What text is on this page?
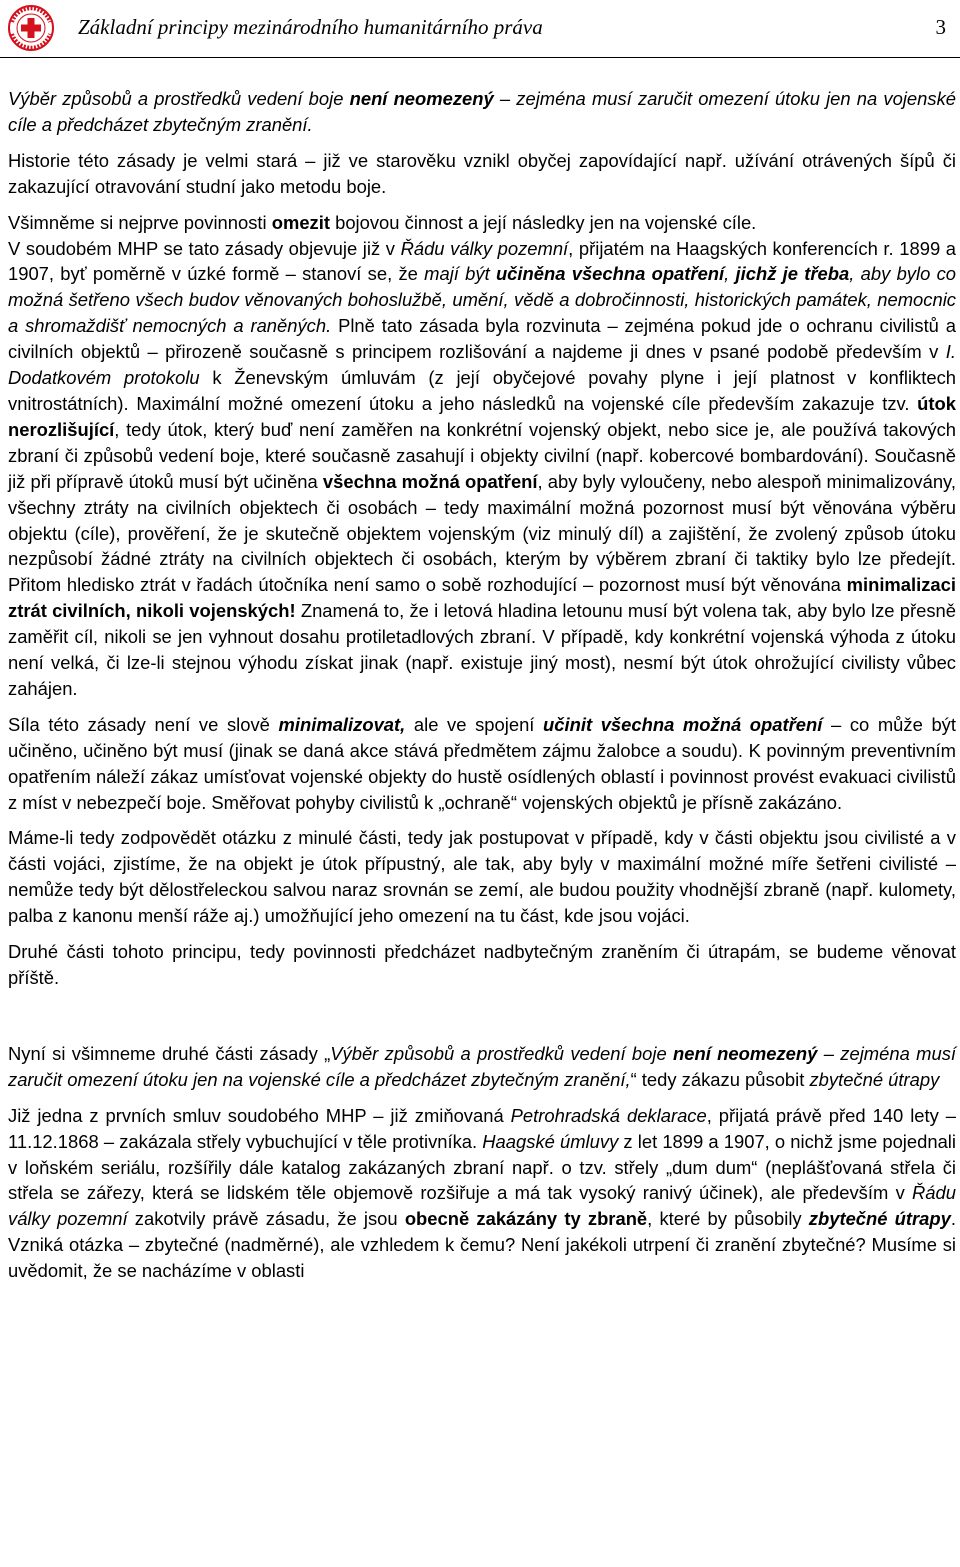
Základní principy mezinárodního humanitárního práva	3

Výběr způsobů a prostředků vedení boje není neomezený – zejména musí zaručit omezení útoku jen na vojenské cíle a předcházet zbytečným zranění.

Historie této zásady je velmi stará – již ve starověku vznikl obyčej zapovídající např. užívání otrávených šípů či zakazující otravování studní jako metodu boje.

Všimněme si nejprve povinnosti omezit bojovou činnost a její následky jen na vojenské cíle.

V soudobém MHP se tato zásady objevuje již v Řádu války pozemní, přijatém na Haagských konferencích r. 1899 a 1907, byť poměrně v úzké formě – stanoví se, že mají být učiněna všechna opatření, jichž je třeba, aby bylo co možná šetřeno všech budov věnovaných bohoslužbě, umění, vědě a dobročinnosti, historických památek, nemocnic a shromaždišť nemocných a raněných. Plně tato zásada byla rozvinuta – zejména pokud jde o ochranu civilistů a civilních objektů – přirozeně současně s principem rozlišování a najdeme ji dnes v psané podobě především v I. Dodatkovém protokolu k Ženevským úmluvám (z její obyčejové povahy plyne i její platnost v konfliktech vnitrostátních). Maximální možné omezení útoku a jeho následků na vojenské cíle především zakazuje tzv. útok nerozlišující, tedy útok, který buď není zaměřen na konkrétní vojenský objekt, nebo sice je, ale používá takových zbraní či způsobů vedení boje, které současně zasahují i objekty civilní (např. kobercové bombardování). Současně již při přípravě útoků musí být učiněna všechna možná opatření, aby byly vyloučeny, nebo alespoň minimalizovány, všechny ztráty na civilních objektech či osobách – tedy maximální možná pozornost musí být věnována výběru objektu (cíle), prověření, že je skutečně objektem vojenským (viz minulý díl) a zajištění, že zvolený způsob útoku nezpůsobí žádné ztráty na civilních objektech či osobách, kterým by výběrem zbraní či taktiky bylo lze předejít. Přitom hledisko ztrát v řadách útočníka není samo o sobě rozhodující – pozornost musí být věnována minimalizaci ztrát civilních, nikoli vojenských! Znamená to, že i letová hladina letounu musí být volena tak, aby bylo lze přesně zaměřit cíl, nikoli se jen vyhnout dosahu protiletadlových zbraní. V případě, kdy konkrétní vojenská výhoda z útoku není velká, či lze-li stejnou výhodu získat jinak (např. existuje jiný most), nesmí být útok ohrožující civilisty vůbec zahájen.

Síla této zásady není ve slově minimalizovat, ale ve spojení učinit všechna možná opatření – co může být učiněno, učiněno být musí (jinak se daná akce stává předmětem zájmu žalobce a soudu). K povinným preventivním opatřením náleží zákaz umísťovat vojenské objekty do hustě osídlených oblastí i povinnost provést evakuaci civilistů z míst v nebezpečí boje. Směřovat pohyby civilistů k „ochraně“ vojenských objektů je přísně zakázáno.

Máme-li tedy zodpovědět otázku z minulé části, tedy jak postupovat v případě, kdy v části objektu jsou civilisté a v části vojáci, zjistíme, že na objekt je útok přípustný, ale tak, aby byly v maximální možné míře šetřeni civilisté – nemůže tedy být dělostřeleckou salvou naraz srovnán se zemí, ale budou použity vhodnější zbraně (např. kulomety, palba z kanonu menší ráže aj.) umožňující jeho omezení na tu část, kde jsou vojáci.

Druhé části tohoto principu, tedy povinnosti předcházet nadbytečným zraněním či útrapám, se budeme věnovat příště.

Nyní si všimneme druhé části zásady „Výběr způsobů a prostředků vedení boje není neomezený – zejména musí zaručit omezení útoku jen na vojenské cíle a předcházet zbytečným zranění,“ tedy zákazu působit zbytečné útrapy

Již jedna z prvních smluv soudobého MHP – již zmiňovaná Petrohradská deklarace, přijatá právě před 140 lety – 11.12.1868 – zakázala střely vybuchující v těle protivníka. Haagské úmluvy z let 1899 a 1907, o nichž jsme pojednali v loňském seriálu, rozšířily dále katalog zakázaných zbraní např. o tzv. střely „dum dum“ (neplášťovaná střela či střela se zářezy, která se lidském těle objemově rozšiřuje a má tak vysoký ranivý účinek), ale především v Řádu války pozemní zakotvily právě zásadu, že jsou obecně zakázány ty zbraně, které by působily zbytečné útrapy. Vzniká otázka – zbytečné (nadměrné), ale vzhledem k čemu? Není jakékoli utrpení či zranění zbytečné? Musíme si uvědomit, že se nacházíme v oblasti
